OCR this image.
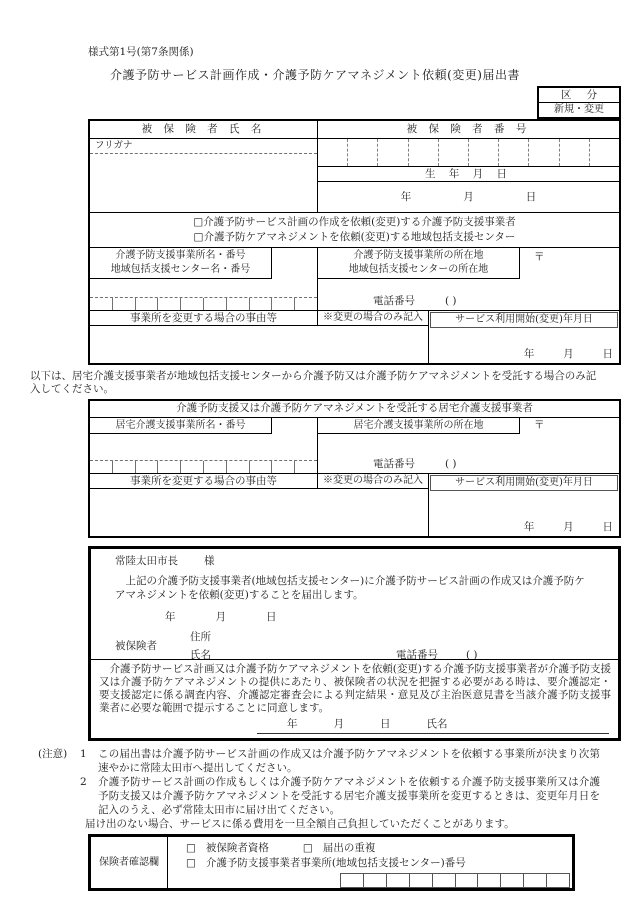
様式第1号(第7条関係)
介護予防サービス計画作成・介護予防ケアマネジメント依頼(変更)届出書
区 分
新規・変更
被 保 険 者 氏 名	被 保 険 者 番 号
フリガナ
生 年 月 日
年	月	日
□ 介護予防サービス計画の作成を依頼(変更)する介護予防支援事業者
□ 介護予防ケアマネジメントを依頼(変更)する地域包括支援センター
介護予防支援事業所名・番号
地域包括支援センター名・番号
介護予防支援事業所の所在地
地域包括支援センターの所在地
〒
電話番号	( )
事業所を変更する場合の事由等	※変更の場合のみ記入	サービス利用開始(変更)年月日
年	月	日
以下は、居宅介護支援事業者が地域包括支援センターから介護予防又は介護予防ケアマネジメントを受託する場合のみ記入してください。
介護予防支援又は介護予防ケアマネジメントを受託する居宅介護支援事業者
居宅介護支援事業所名・番号	居宅介護支援事業所の所在地	〒
電話番号	( )
事業所を変更する場合の事由等	※変更の場合のみ記入	サービス利用開始(変更)年月日
年	月	日
常陸太田市長 様
上記の介護予防支援事業者(地域包括支援センター)に介護予防サービス計画の作成又は介護予防ケアマネジメントを依頼(変更)することを届出します。
年	月	日
被保険者
住所
氏名	電話番号	( )
介護予防サービス計画又は介護予防ケアマネジメントを依頼(変更)する介護予防支援事業者が介護予防支援又は介護予防ケアマネジメントの提供にあたり、被保険者の状況を把握する必要がある時は、要介護認定・要支援認定に係る調査内容、介護認定審査会による判定結果・意見及び主治医意見書を当該介護予防支援事業者に必要な範囲で提示することに同意します。
年	月	日	氏名
(注意)	1	この届出書は介護予防サービス計画の作成又は介護予防ケアマネジメントを依頼する事業所が決まり次第速やかに常陸太田市へ提出してください。
2	介護予防サービス計画の作成もしくは介護予防ケアマネジメントを依頼する介護予防支援事業所又は介護予防支援又は介護予防ケアマネジメントを受託する居宅介護支援事業所を変更するときは、変更年月日を記入のうえ、必ず常陸太田市に届け出てください。
届け出のない場合、サービスに係る費用を一旦全額自己負担していただくことがあります。
保険者確認欄
□ 被保険者資格	□ 届出の重複
□ 介護予防支援事業者事業所(地域包括支援センター)番号
